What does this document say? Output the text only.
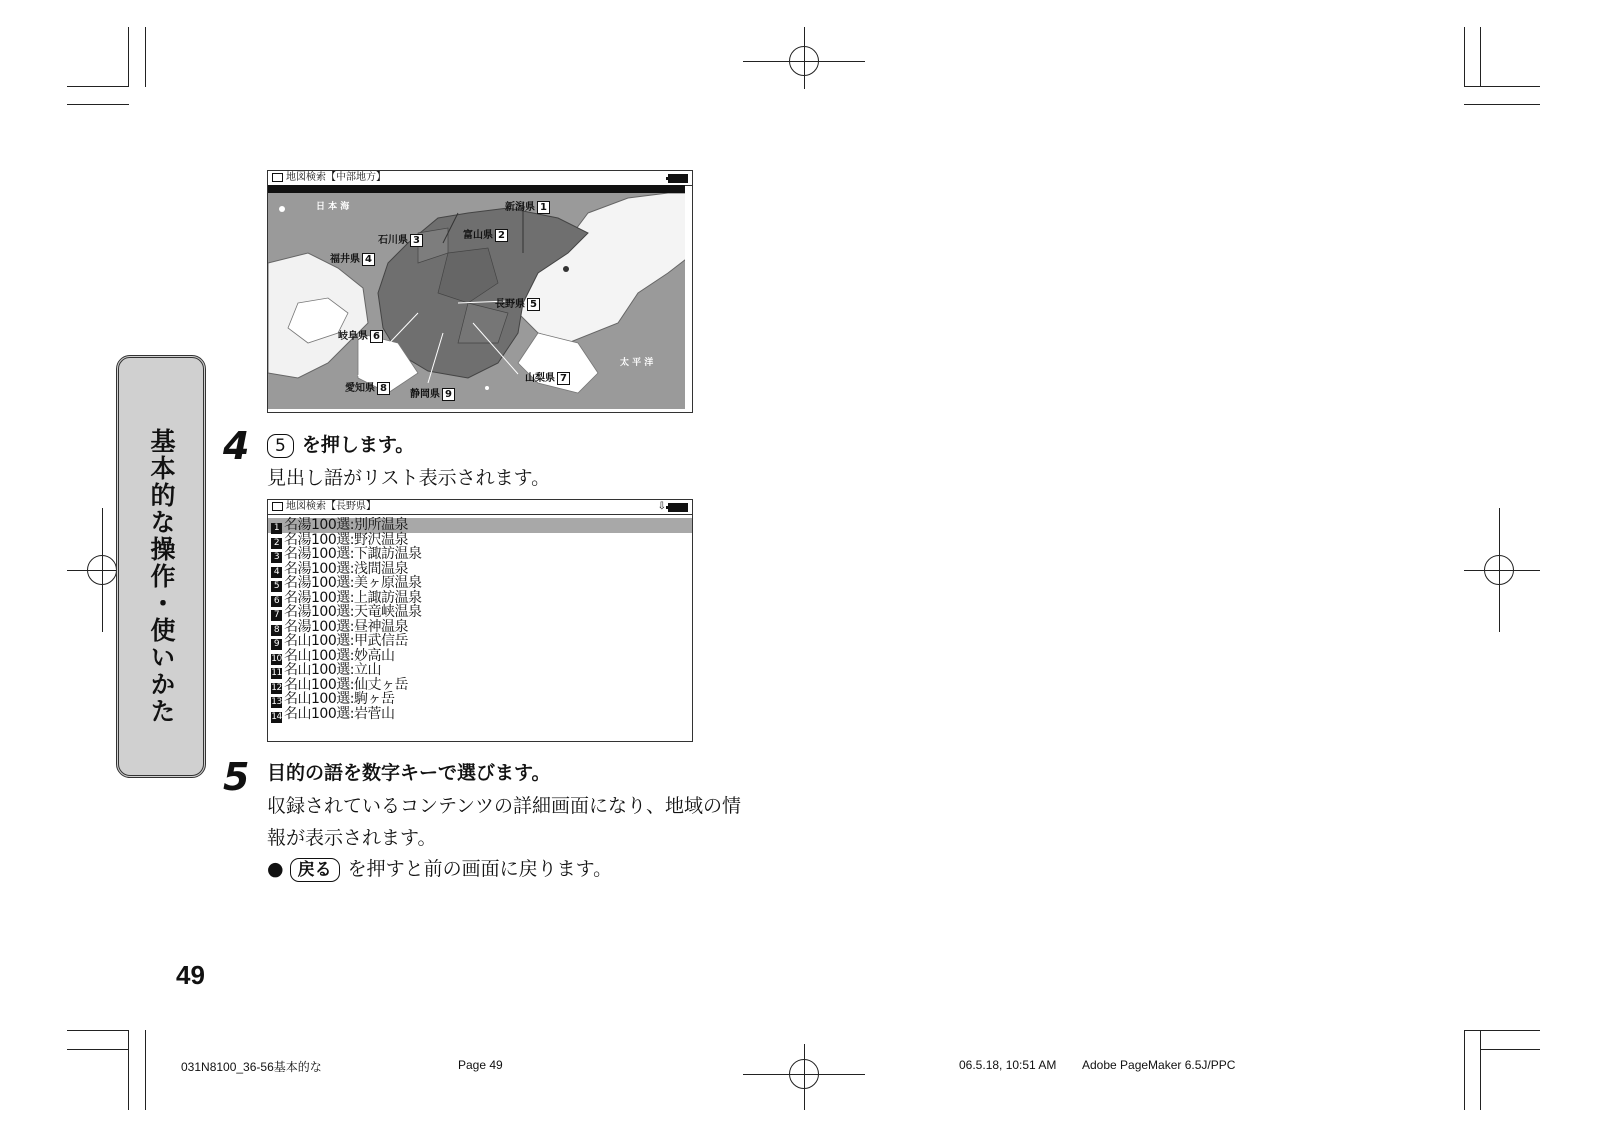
基本的な操作・使いかた
地図検索【中部地方】
日 本 海
太 平 洋
新潟県 1
富山県 2
石川県 3
福井県 4
長野県 5
岐阜県 6
山梨県 7
愛知県 8
静岡県 9
4	5 を押します。
見出し語がリスト表示されます。
地図検索【長野県】	⇩
1 名湯100選:別所温泉
2 名湯100選:野沢温泉
3 名湯100選:下諏訪温泉
4 名湯100選:浅間温泉
5 名湯100選:美ヶ原温泉
6 名湯100選:上諏訪温泉
7 名湯100選:天竜峡温泉
8 名湯100選:昼神温泉
9 名山100選:甲武信岳
10 名山100選:妙高山
11 名山100選:立山
12 名山100選:仙丈ヶ岳
13 名山100選:駒ヶ岳
14 名山100選:岩菅山
5 目的の語を数字キーで選びます。
収録されているコンテンツの詳細画面になり、地域の情
報が表示されます。
● 戻る を押すと前の画面に戻ります。
49
031N8100_36-56基本的な	Page 49	06.5.18, 10:51 AM Adobe PageMaker 6.5J/PPC
